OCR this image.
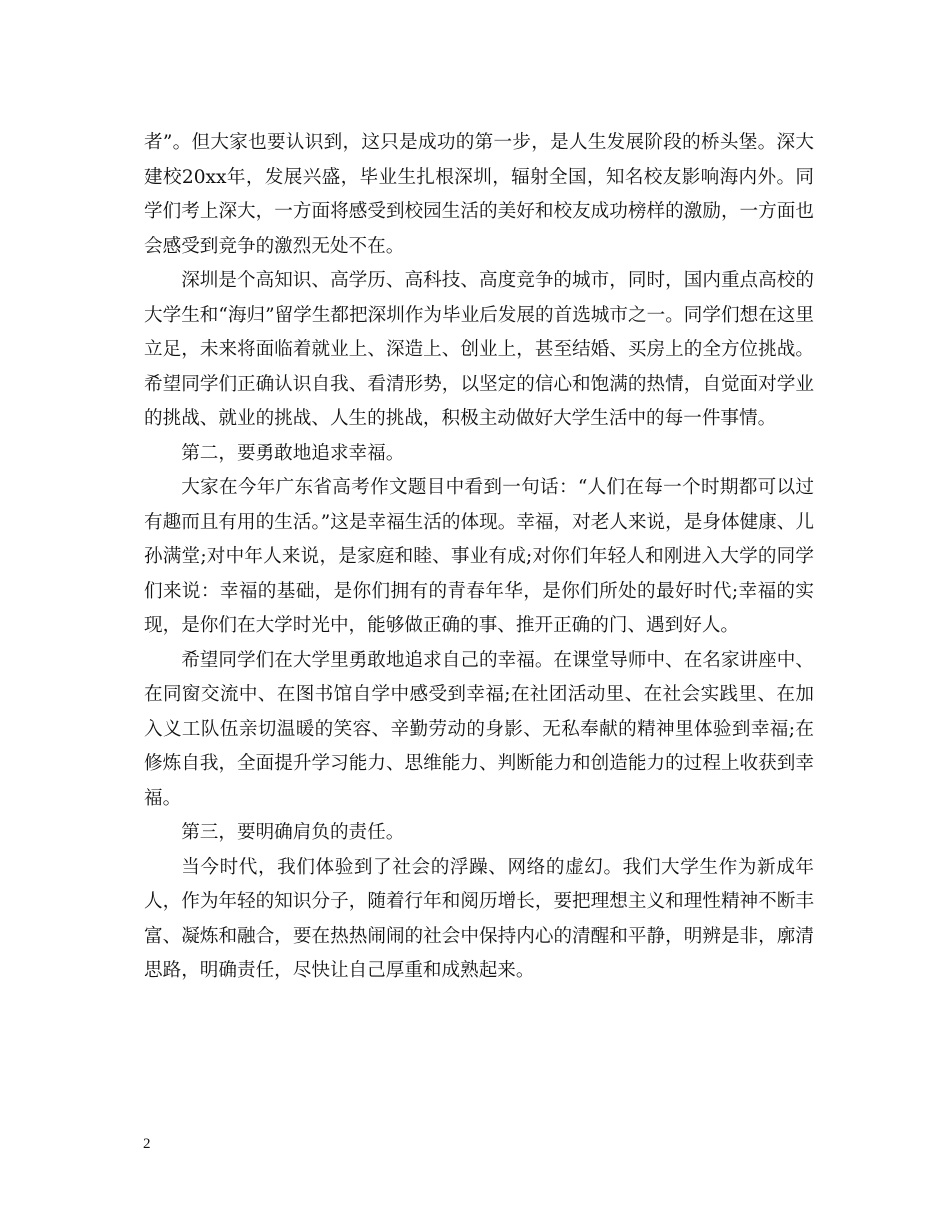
者”。但大家也要认识到，这只是成功的第一步，是人生发展阶段的桥头堡。深大建校20xx年，发展兴盛，毕业生扎根深圳，辐射全国，知名校友影响海内外。同学们考上深大，一方面将感受到校园生活的美好和校友成功榜样的激励，一方面也会感受到竞争的激烈无处不在。

深圳是个高知识、高学历、高科技、高度竞争的城市，同时，国内重点高校的大学生和“海归”留学生都把深圳作为毕业后发展的首选城市之一。同学们想在这里立足，未来将面临着就业上、深造上、创业上，甚至结婚、买房上的全方位挑战。希望同学们正确认识自我、看清形势，以坚定的信心和饱满的热情，自觉面对学业的挑战、就业的挑战、人生的挑战，积极主动做好大学生活中的每一件事情。

第二，要勇敢地追求幸福。

大家在今年广东省高考作文题目中看到一句话：“人们在每一个时期都可以过有趣而且有用的生活。”这是幸福生活的体现。幸福，对老人来说，是身体健康、儿孙满堂;对中年人来说，是家庭和睦、事业有成;对你们年轻人和刚进入大学的同学们来说：幸福的基础，是你们拥有的青春年华，是你们所处的最好时代;幸福的实现，是你们在大学时光中，能够做正确的事、推开正确的门、遇到好人。

希望同学们在大学里勇敢地追求自己的幸福。在课堂导师中、在名家讲座中、在同窗交流中、在图书馆自学中感受到幸福;在社团活动里、在社会实践里、在加入义工队伍亲切温暖的笑容、辛勤劳动的身影、无私奉献的精神里体验到幸福;在修炼自我，全面提升学习能力、思维能力、判断能力和创造能力的过程上收获到幸福。

第三，要明确肩负的责任。

当今时代，我们体验到了社会的浮躁、网络的虚幻。我们大学生作为新成年人，作为年轻的知识分子，随着行年和阅历增长，要把理想主义和理性精神不断丰富、凝炼和融合，要在热热闹闹的社会中保持内心的清醒和平静，明辨是非，廓清思路，明确责任，尽快让自己厚重和成熟起来。

2
